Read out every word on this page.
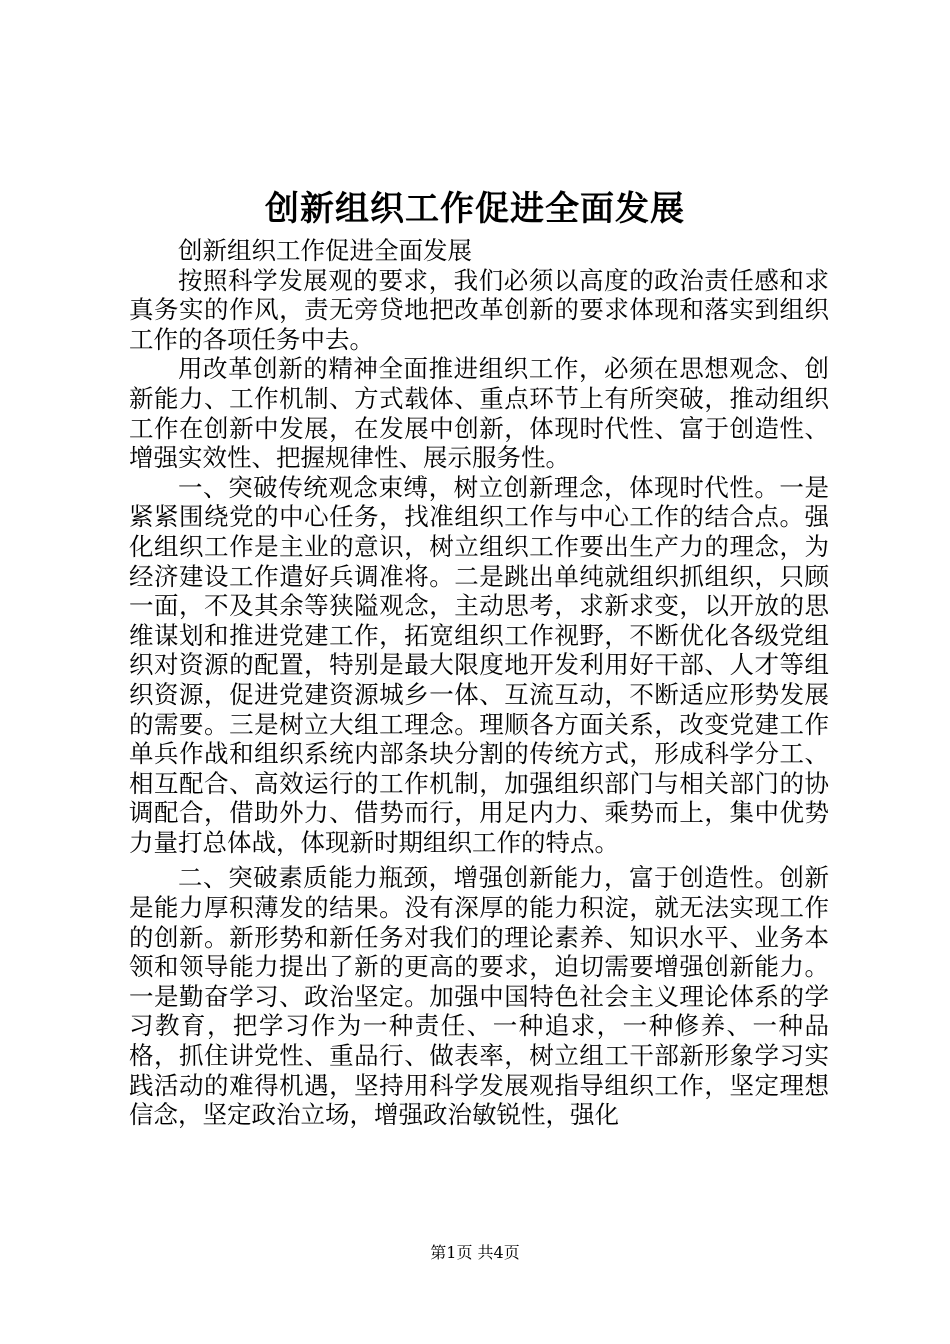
创新组织工作促进全面发展

创新组织工作促进全面发展

按照科学发展观的要求，我们必须以高度的政治责任感和求真务实的作风，责无旁贷地把改革创新的要求体现和落实到组织工作的各项任务中去。

用改革创新的精神全面推进组织工作，必须在思想观念、创新能力、工作机制、方式载体、重点环节上有所突破，推动组织工作在创新中发展，在发展中创新，体现时代性、富于创造性、增强实效性、把握规律性、展示服务性。

一、突破传统观念束缚，树立创新理念，体现时代性。一是紧紧围绕党的中心任务，找准组织工作与中心工作的结合点。强化组织工作是主业的意识，树立组织工作要出生产力的理念，为经济建设工作遣好兵调准将。二是跳出单纯就组织抓组织，只顾一面，不及其余等狭隘观念，主动思考，求新求变，以开放的思维谋划和推进党建工作，拓宽组织工作视野，不断优化各级党组织对资源的配置，特别是最大限度地开发利用好干部、人才等组织资源，促进党建资源城乡一体、互流互动，不断适应形势发展的需要。三是树立大组工理念。理顺各方面关系，改变党建工作单兵作战和组织系统内部条块分割的传统方式，形成科学分工、相互配合、高效运行的工作机制，加强组织部门与相关部门的协调配合，借助外力、借势而行，用足内力、乘势而上，集中优势力量打总体战，体现新时期组织工作的特点。

二、突破素质能力瓶颈，增强创新能力，富于创造性。创新是能力厚积薄发的结果。没有深厚的能力积淀，就无法实现工作的创新。新形势和新任务对我们的理论素养、知识水平、业务本领和领导能力提出了新的更高的要求，迫切需要增强创新能力。一是勤奋学习、政治坚定。加强中国特色社会主义理论体系的学习教育，把学习作为一种责任、一种追求，一种修养、一种品格，抓住讲党性、重品行、做表率，树立组工干部新形象学习实践活动的难得机遇，坚持用科学发展观指导组织工作，坚定理想信念，坚定政治立场，增强政治敏锐性，强化

第1页 共4页
